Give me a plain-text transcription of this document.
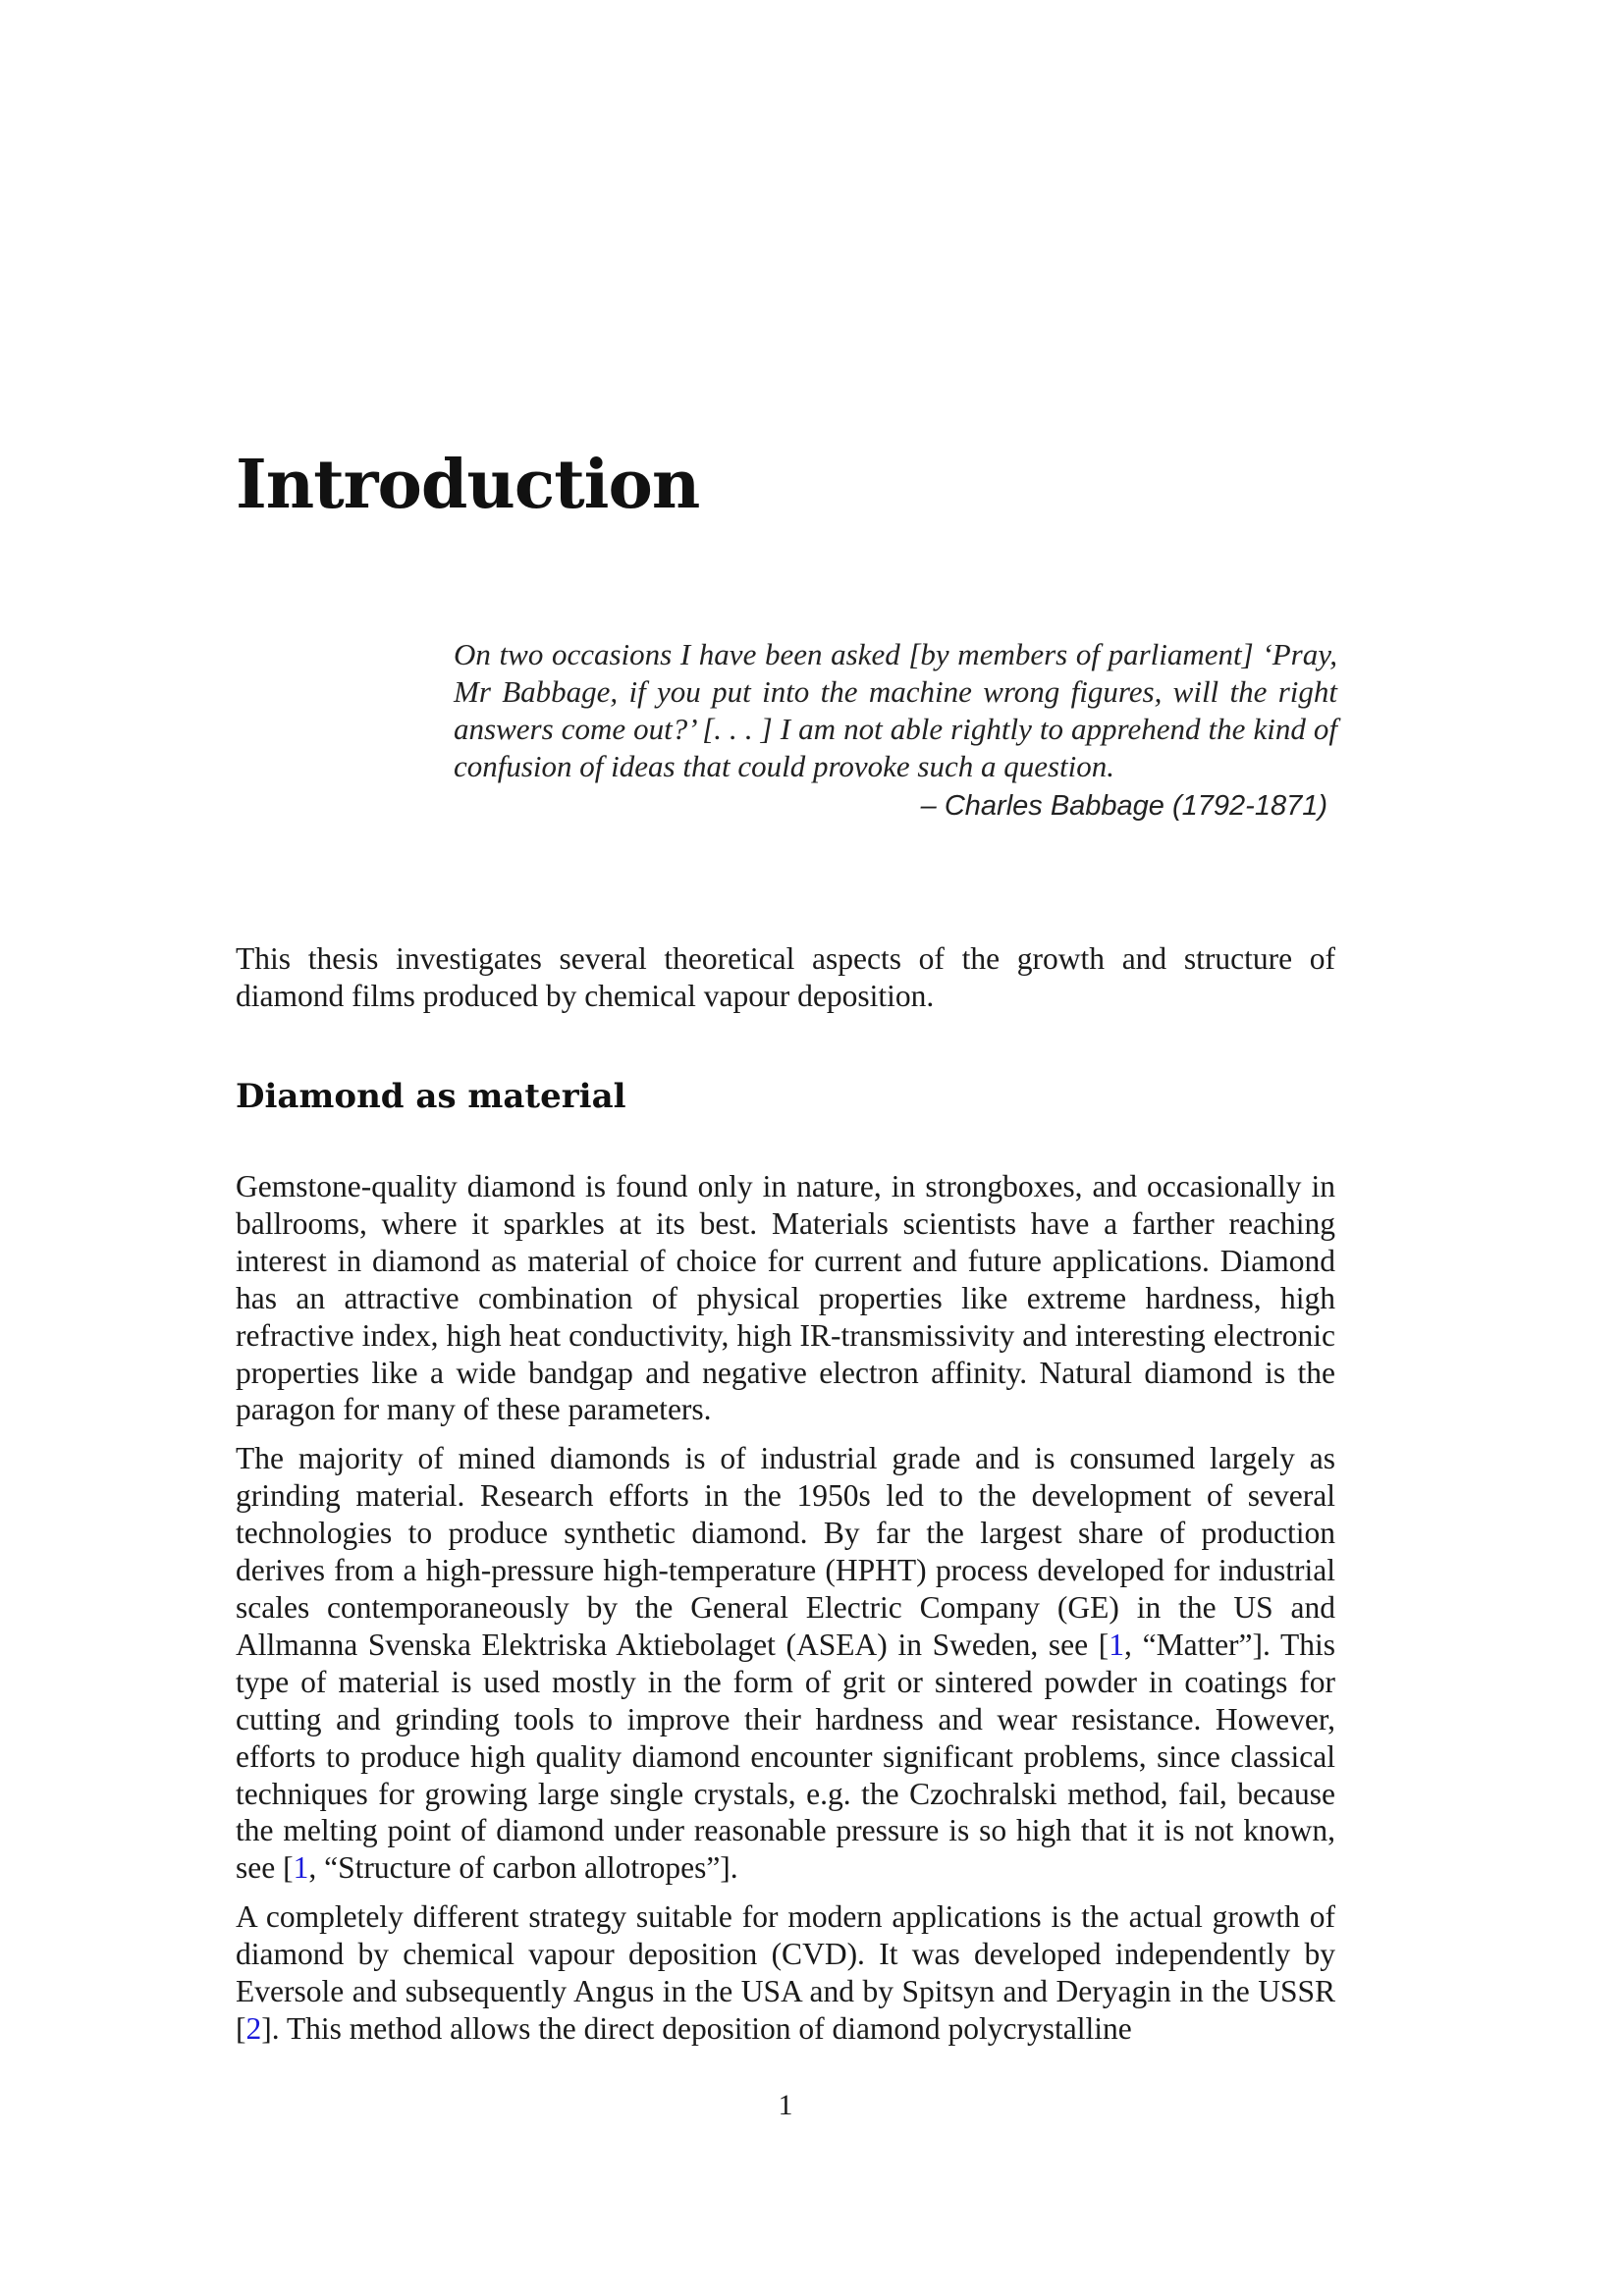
Introduction

On two occasions I have been asked [by members of parliament] ‘Pray, Mr Babbage, if you put into the machine wrong figures, will the right answers come out?’ [. . . ] I am not able rightly to apprehend the kind of confusion of ideas that could provoke such a question.

– Charles Babbage (1792-1871)

This thesis investigates several theoretical aspects of the growth and structure of diamond films produced by chemical vapour deposition.

Diamond as material

Gemstone-quality diamond is found only in nature, in strongboxes, and occasionally in ballrooms, where it sparkles at its best. Materials scientists have a farther reaching interest in diamond as material of choice for current and future applications. Diamond has an attractive combination of physical properties like extreme hardness, high refractive index, high heat conductivity, high IR-transmissivity and interesting electronic properties like a wide bandgap and negative electron affinity. Natural diamond is the paragon for many of these parameters.

The majority of mined diamonds is of industrial grade and is consumed largely as grinding material. Research efforts in the 1950s led to the development of several technologies to produce synthetic diamond. By far the largest share of production derives from a high-pressure high-temperature (HPHT) process developed for industrial scales contemporaneously by the General Electric Company (GE) in the US and Allmanna Svenska Elektriska Aktiebolaget (ASEA) in Sweden, see [1, “Matter”]. This type of material is used mostly in the form of grit or sintered powder in coatings for cutting and grinding tools to improve their hardness and wear resistance. However, efforts to produce high quality diamond encounter significant problems, since classical techniques for growing large single crystals, e.g. the Czochralski method, fail, because the melting point of diamond under reasonable pressure is so high that it is not known, see [1, “Structure of carbon allotropes”].

A completely different strategy suitable for modern applications is the actual growth of diamond by chemical vapour deposition (CVD). It was developed independently by Eversole and subsequently Angus in the USA and by Spitsyn and Deryagin in the USSR [2]. This method allows the direct deposition of diamond polycrystalline

1
